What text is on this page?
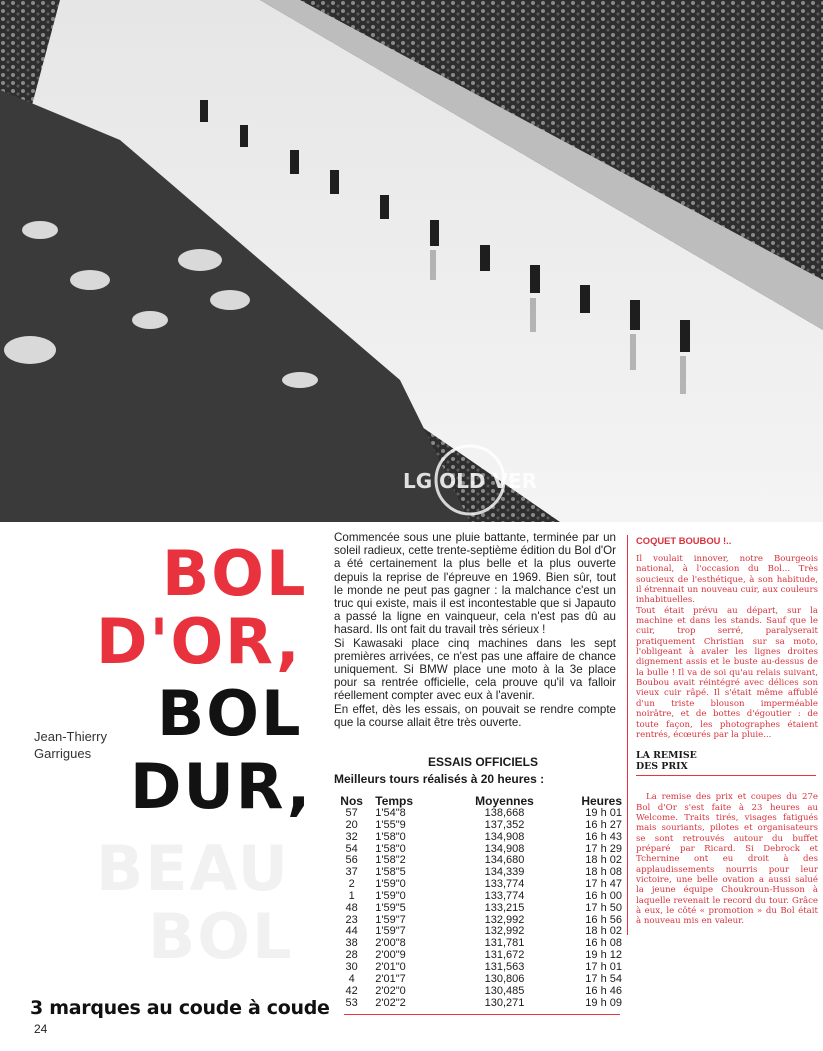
LG OLD VER
BOL
D'OR,
BOL
DUR,
BEAU
BOL
Jean-Thierry
Garrigues
3 marques au coude à coude
24

Commencée sous une pluie battante, terminée par un soleil radieux, cette trente-septième édition du Bol d'Or a été certainement la plus belle et la plus ouverte depuis la reprise de l'épreuve en 1969. Bien sûr, tout le monde ne peut pas gagner : la malchance c'est un truc qui existe, mais il est incontestable que si Japauto a passé la ligne en vainqueur, cela n'est pas dû au hasard. Ils ont fait du travail très sérieux !

Si Kawasaki place cinq machines dans les sept premières arrivées, ce n'est pas une affaire de chance uniquement. Si BMW place une moto à la 3e place pour sa rentrée officielle, cela prouve qu'il va falloir réellement compter avec eux à l'avenir.

En effet, dès les essais, on pouvait se rendre compte que la course allait être très ouverte.

ESSAIS OFFICIELS
Meilleurs tours réalisés à 20 heures :
Nos	Temps	Moyennes	Heures
57	1'54"8	138,668	19 h 01
20	1'55"9	137,352	16 h 27
32	1'58"0	134,908	16 h 43
54	1'58"0	134,908	17 h 29
56	1'58"2	134,680	18 h 02
37	1'58"5	134,339	18 h 08
2	1'59"0	133,774	17 h 47
1	1'59"0	133,774	16 h 00
48	1'59"5	133,215	17 h 50
23	1'59"7	132,992	16 h 56
44	1'59"7	132,992	18 h 02
38	2'00"8	131,781	16 h 08
28	2'00"9	131,672	19 h 12
30	2'01"0	131,563	17 h 01
4	2'01"7	130,806	17 h 54
42	2'02"0	130,485	16 h 46
53	2'02"2	130,271	19 h 09
COQUET BOUBOU !..
Il voulait innover, notre Bourgeois national, à l'occasion du Bol... Très soucieux de l'esthétique, à son habitude, il étrennait un nouveau cuir, aux couleurs inhabituelles.
Tout était prévu au départ, sur la machine et dans les stands. Sauf que le cuir, trop serré, paralyserait pratiquement Christian sur sa moto, l'obligeant à avaler les lignes droites dignement assis et le buste au-dessus de la bulle ! Il va de soi qu'au relais suivant, Boubou avait réintégré avec délices son vieux cuir râpé. Il s'était même affublé d'un triste blouson imperméable noirâtre, et de bottes d'égoutier : de toute façon, les photographes étaient rentrés, écœurés par la pluie...
LA REMISE
DES PRIX
La remise des prix et coupes du 27e Bol d'Or s'est faite à 23 heures au Welcome. Traits tirés, visages fatigués mais souriants, pilotes et organisateurs se sont retrouvés autour du buffet préparé par Ricard. Si Debrock et Tchernine ont eu droit à des applaudissements nourris pour leur victoire, une belle ovation a aussi salué la jeune équipe Choukroun-Husson à laquelle revenait le record du tour. Grâce à eux, le côté « promotion » du Bol était à nouveau mis en valeur.
